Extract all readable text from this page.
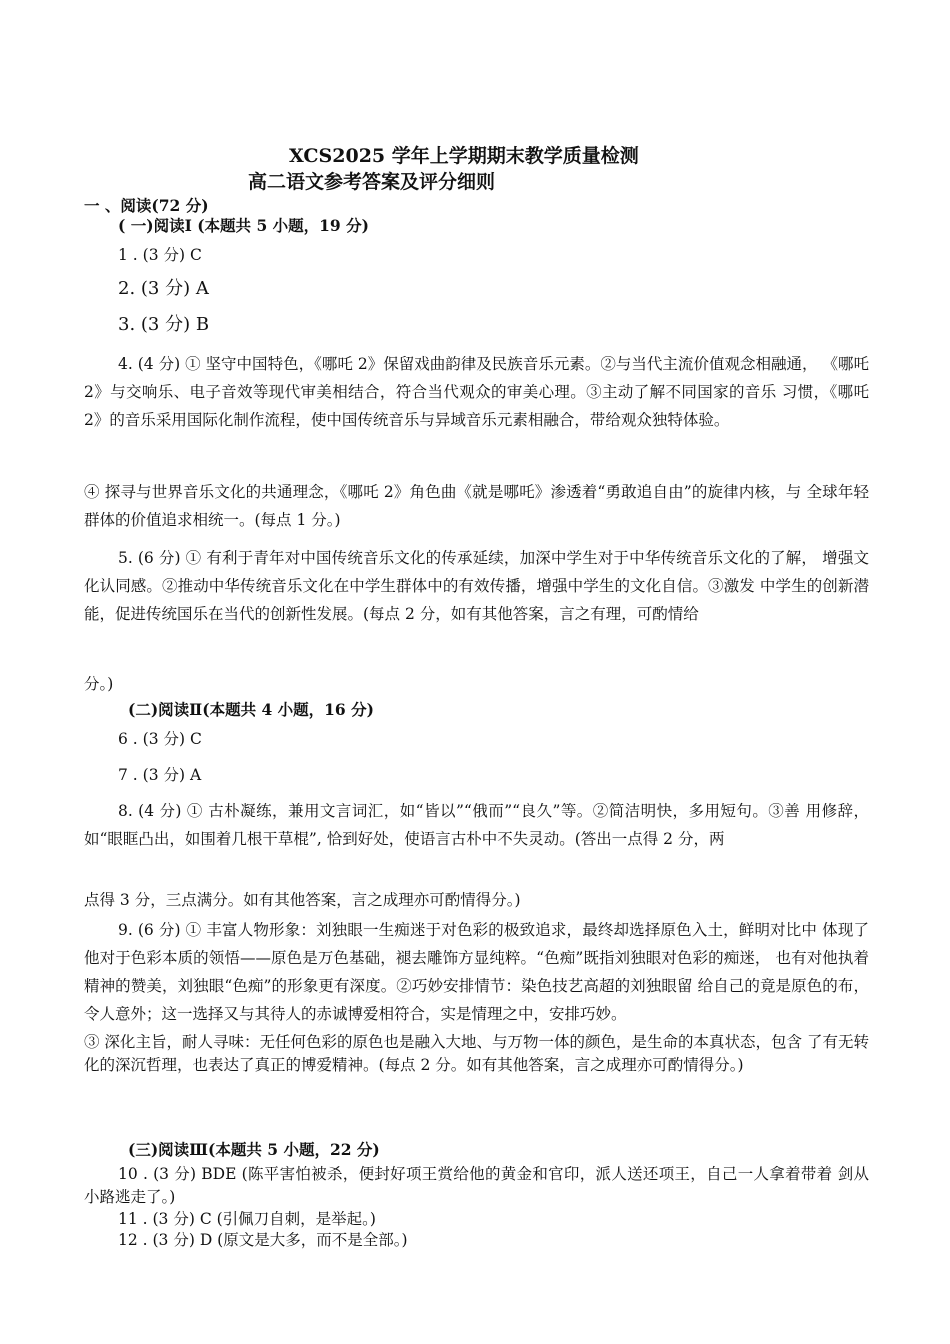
XCS2025 学年上学期期末教学质量检测
高二语文参考答案及评分细则
一 、阅读(72 分)
( 一)阅读Ⅰ (本题共 5 小题，19 分)
1 . (3 分) C
2. (3 分) A
3. (3 分) B
4. (4 分) ① 坚守中国特色，《哪吒 2》保留戏曲韵律及民族音乐元素。②与当代主流价值观念相融通， 《哪吒 2》与交响乐、电子音效等现代审美相结合，符合当代观众的审美心理。③主动了解不同国家的音乐 习惯，《哪吒 2》的音乐采用国际化制作流程，使中国传统音乐与异域音乐元素相融合，带给观众独特体验。
④ 探寻与世界音乐文化的共通理念，《哪吒 2》角色曲《就是哪吒》渗透着“勇敢追自由”的旋律内核，与 全球年轻群体的价值追求相统一。(每点 1 分。)
5. (6 分) ① 有利于青年对中国传统音乐文化的传承延续，加深中学生对于中华传统音乐文化的了解， 增强文化认同感。②推动中华传统音乐文化在中学生群体中的有效传播，增强中学生的文化自信。③激发 中学生的创新潜能，促进传统国乐在当代的创新性发展。(每点 2 分，如有其他答案，言之有理，可酌情给
分。)
(二)阅读Ⅱ(本题共 4 小题，16 分)
6 . (3 分) C
7 . (3 分) A
8. (4 分) ① 古朴凝练，兼用文言词汇，如“皆以”“俄而”“良久”等。②简洁明快，多用短句。③善 用修辞，如“眼眶凸出，如围着几根干草棍”, 恰到好处，使语言古朴中不失灵动。(答出一点得 2 分，两
点得 3 分，三点满分。如有其他答案，言之成理亦可酌情得分。)
9. (6 分) ① 丰富人物形象：刘独眼一生痴迷于对色彩的极致追求，最终却选择原色入土，鲜明对比中 体现了他对于色彩本质的领悟——原色是万色基础，褪去雕饰方显纯粹。“色痴”既指刘独眼对色彩的痴迷， 也有对他执着精神的赞美，刘独眼“色痴”的形象更有深度。②巧妙安排情节：染色技艺高超的刘独眼留 给自己的竟是原色的布，令人意外；这一选择又与其待人的赤诚博爱相符合，实是情理之中，安排巧妙。
③ 深化主旨，耐人寻味：无任何色彩的原色也是融入大地、与万物一体的颜色，是生命的本真状态，包含 了有无转化的深沉哲理，也表达了真正的博爱精神。(每点 2 分。如有其他答案，言之成理亦可酌情得分。)
(三)阅读Ⅲ(本题共 5 小题，22 分)
10 . (3 分) BDE (陈平害怕被杀，便封好项王赏给他的黄金和官印，派人送还项王，自己一人拿着带着 剑从小路逃走了。)
11 . (3 分) C (引佩刀自刺，是举起。)
12 . (3 分) D (原文是大多，而不是全部。)
